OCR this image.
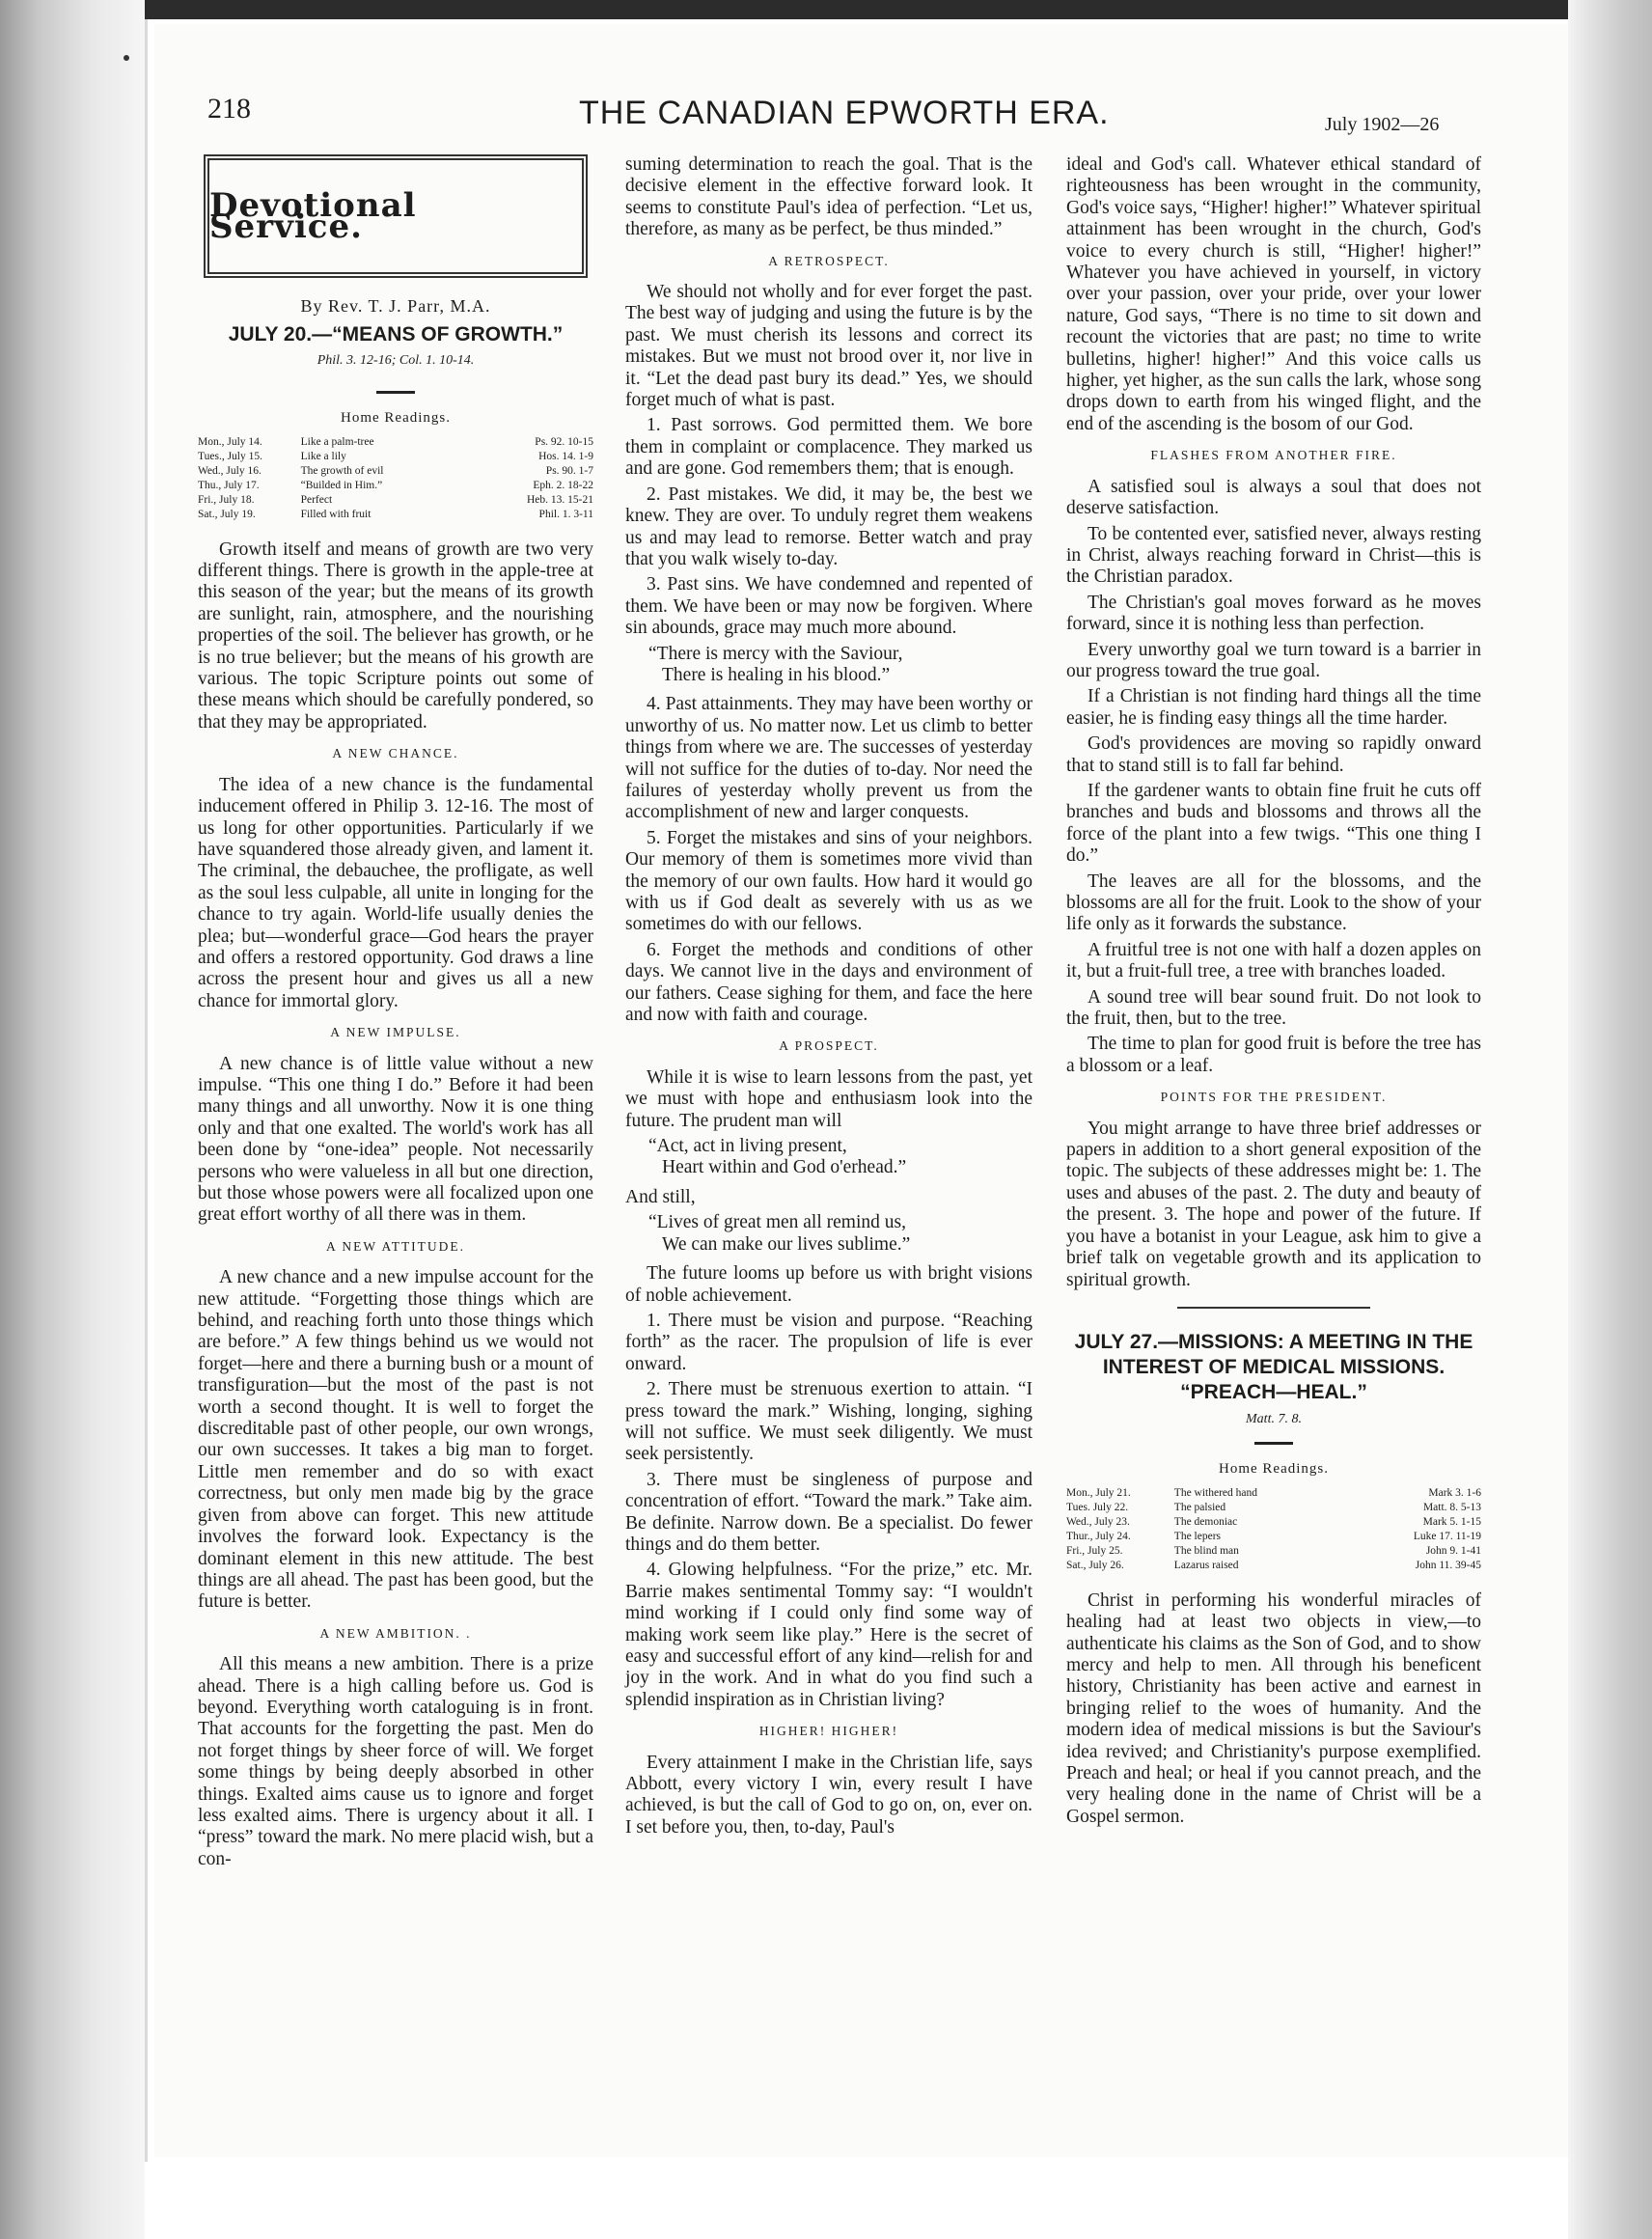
218	THE CANADIAN EPWORTH ERA.	July 1902—26
Devotional Service.
By Rev. T. J. Parr, M.A.
JULY 20.—“MEANS OF GROWTH.”
Phil. 3. 12-16; Col. 1. 10-14.
Home Readings.
Mon., July 14.	Like a palm-tree	Ps. 92. 10-15
Tues., July 15.	Like a lily	Hos. 14. 1-9
Wed., July 16.	The growth of evil	Ps. 90. 1-7
Thu., July 17.	“Builded in Him.”	Eph. 2. 18-22
Fri., July 18.	Perfect	Heb. 13. 15-21
Sat., July 19.	Filled with fruit	Phil. 1. 3-11

Growth itself and means of growth are two very different things. There is growth in the apple-tree at this season of the year; but the means of its growth are sunlight, rain, atmosphere, and the nourishing properties of the soil. The believer has growth, or he is no true believer; but the means of his growth are various. The topic Scripture points out some of these means which should be carefully pondered, so that they may be appropriated.

A NEW CHANCE.

The idea of a new chance is the fundamental inducement offered in Philip 3. 12-16. The most of us long for other opportunities. Particularly if we have squandered those already given, and lament it. The criminal, the debauchee, the profligate, as well as the soul less culpable, all unite in longing for the chance to try again. World-life usually denies the plea; but—wonderful grace—God hears the prayer and offers a restored opportunity. God draws a line across the present hour and gives us all a new chance for immortal glory.

A NEW IMPULSE.

A new chance is of little value without a new impulse. “This one thing I do.” Before it had been many things and all unworthy. Now it is one thing only and that one exalted. The world's work has all been done by “one-idea” people. Not necessarily persons who were valueless in all but one direction, but those whose powers were all focalized upon one great effort worthy of all there was in them.

A NEW ATTITUDE.

A new chance and a new impulse account for the new attitude. “Forgetting those things which are behind, and reaching forth unto those things which are before.” A few things behind us we would not forget—here and there a burning bush or a mount of transfiguration—but the most of the past is not worth a second thought. It is well to forget the discreditable past of other people, our own wrongs, our own successes. It takes a big man to forget. Little men remember and do so with exact correctness, but only men made big by the grace given from above can forget. This new attitude involves the forward look. Expectancy is the dominant element in this new attitude. The best things are all ahead. The past has been good, but the future is better.

A NEW AMBITION. .

All this means a new ambition. There is a prize ahead. There is a high calling before us. God is beyond. Everything worth cataloguing is in front. That accounts for the forgetting the past. Men do not forget things by sheer force of will. We forget some things by being deeply absorbed in other things. Exalted aims cause us to ignore and forget less exalted aims. There is urgency about it all. I “press” toward the mark. No mere placid wish, but a con-

suming determination to reach the goal. That is the decisive element in the effective forward look. It seems to constitute Paul's idea of perfection. “Let us, therefore, as many as be perfect, be thus minded.”

A RETROSPECT.

We should not wholly and for ever forget the past. The best way of judging and using the future is by the past. We must cherish its lessons and correct its mistakes. But we must not brood over it, nor live in it. “Let the dead past bury its dead.” Yes, we should forget much of what is past.

1. Past sorrows. God permitted them. We bore them in complaint or complacence. They marked us and are gone. God remembers them; that is enough.

2. Past mistakes. We did, it may be, the best we knew. They are over. To unduly regret them weakens us and may lead to remorse. Better watch and pray that you walk wisely to-day.

3. Past sins. We have condemned and repented of them. We have been or may now be forgiven. Where sin abounds, grace may much more abound.

“There is mercy with the Saviour,
There is healing in his blood.”

4. Past attainments. They may have been worthy or unworthy of us. No matter now. Let us climb to better things from where we are. The successes of yesterday will not suffice for the duties of to-day. Nor need the failures of yesterday wholly prevent us from the accomplishment of new and larger conquests.

5. Forget the mistakes and sins of your neighbors. Our memory of them is sometimes more vivid than the memory of our own faults. How hard it would go with us if God dealt as severely with us as we sometimes do with our fellows.

6. Forget the methods and conditions of other days. We cannot live in the days and environment of our fathers. Cease sighing for them, and face the here and now with faith and courage.

A PROSPECT.

While it is wise to learn lessons from the past, yet we must with hope and enthusiasm look into the future. The prudent man will

“Act, act in living present,
Heart within and God o'erhead.”

And still,

“Lives of great men all remind us,
We can make our lives sublime.”

The future looms up before us with bright visions of noble achievement.

1. There must be vision and purpose. “Reaching forth” as the racer. The propulsion of life is ever onward.

2. There must be strenuous exertion to attain. “I press toward the mark.” Wishing, longing, sighing will not suffice. We must seek diligently. We must seek persistently.

3. There must be singleness of purpose and concentration of effort. “Toward the mark.” Take aim. Be definite. Narrow down. Be a specialist. Do fewer things and do them better.

4. Glowing helpfulness. “For the prize,” etc. Mr. Barrie makes sentimental Tommy say: “I wouldn't mind working if I could only find some way of making work seem like play.” Here is the secret of easy and successful effort of any kind—relish for and joy in the work. And in what do you find such a splendid inspiration as in Christian living?

HIGHER! HIGHER!

Every attainment I make in the Christian life, says Abbott, every victory I win, every result I have achieved, is but the call of God to go on, on, ever on. I set before you, then, to-day, Paul's

ideal and God's call. Whatever ethical standard of righteousness has been wrought in the community, God's voice says, “Higher! higher!” Whatever spiritual attainment has been wrought in the church, God's voice to every church is still, “Higher! higher!” Whatever you have achieved in yourself, in victory over your passion, over your pride, over your lower nature, God says, “There is no time to sit down and recount the victories that are past; no time to write bulletins, higher! higher!” And this voice calls us higher, yet higher, as the sun calls the lark, whose song drops down to earth from his winged flight, and the end of the ascending is the bosom of our God.

FLASHES FROM ANOTHER FIRE.

A satisfied soul is always a soul that does not deserve satisfaction.

To be contented ever, satisfied never, always resting in Christ, always reaching forward in Christ—this is the Christian paradox.

The Christian's goal moves forward as he moves forward, since it is nothing less than perfection.

Every unworthy goal we turn toward is a barrier in our progress toward the true goal.

If a Christian is not finding hard things all the time easier, he is finding easy things all the time harder.

God's providences are moving so rapidly onward that to stand still is to fall far behind.

If the gardener wants to obtain fine fruit he cuts off branches and buds and blossoms and throws all the force of the plant into a few twigs. “This one thing I do.”

The leaves are all for the blossoms, and the blossoms are all for the fruit. Look to the show of your life only as it forwards the substance.

A fruitful tree is not one with half a dozen apples on it, but a fruit-full tree, a tree with branches loaded.

A sound tree will bear sound fruit. Do not look to the fruit, then, but to the tree.

The time to plan for good fruit is before the tree has a blossom or a leaf.

POINTS FOR THE PRESIDENT.

You might arrange to have three brief addresses or papers in addition to a short general exposition of the topic. The subjects of these addresses might be: 1. The uses and abuses of the past. 2. The duty and beauty of the present. 3. The hope and power of the future. If you have a botanist in your League, ask him to give a brief talk on vegetable growth and its application to spiritual growth.

JULY 27.—MISSIONS: A MEETING IN THE INTEREST OF MEDICAL MISSIONS. “PREACH—HEAL.”
Matt. 7. 8.
Home Readings.
Mon., July 21.	The withered hand	Mark 3. 1-6
Tues. July 22.	The palsied	Matt. 8. 5-13
Wed., July 23.	The demoniac	Mark 5. 1-15
Thur., July 24.	The lepers	Luke 17. 11-19
Fri., July 25.	The blind man	John 9. 1-41
Sat., July 26.	Lazarus raised	John 11. 39-45

Christ in performing his wonderful miracles of healing had at least two objects in view,—to authenticate his claims as the Son of God, and to show mercy and help to men. All through his beneficent history, Christianity has been active and earnest in bringing relief to the woes of humanity. And the modern idea of medical missions is but the Saviour's idea revived; and Christianity's purpose exemplified. Preach and heal; or heal if you cannot preach, and the very healing done in the name of Christ will be a Gospel sermon.
